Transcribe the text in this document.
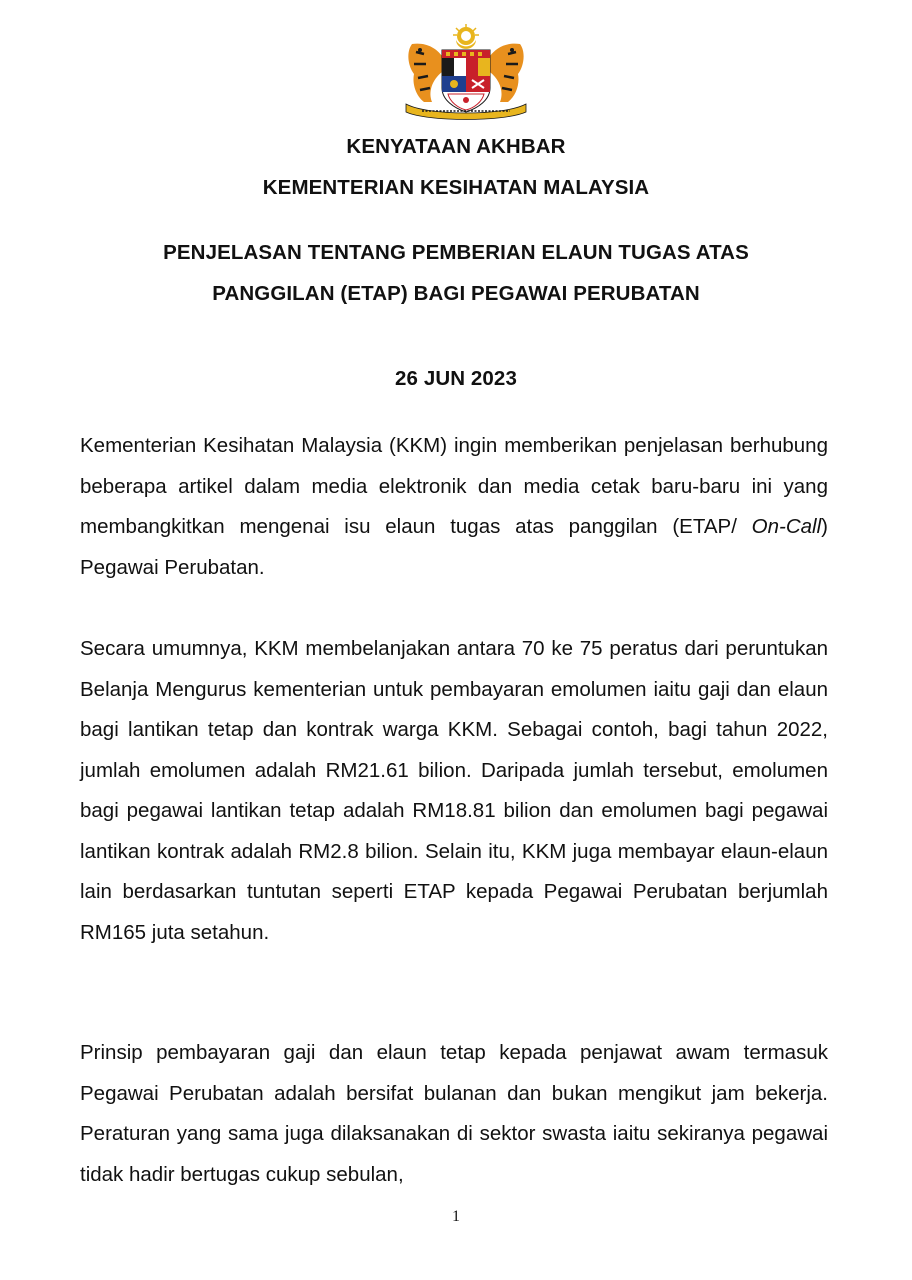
KENYATAAN AKHBAR
KEMENTERIAN KESIHATAN MALAYSIA
PENJELASAN TENTANG PEMBERIAN ELAUN TUGAS ATAS
PANGGILAN (ETAP) BAGI PEGAWAI PERUBATAN
26 JUN 2023

Kementerian Kesihatan Malaysia (KKM) ingin memberikan penjelasan berhubung beberapa artikel dalam media elektronik dan media cetak baru-baru ini yang membangkitkan mengenai isu elaun tugas atas panggilan (ETAP/ On-Call) Pegawai Perubatan.

Secara umumnya, KKM membelanjakan antara 70 ke 75 peratus dari peruntukan Belanja Mengurus kementerian untuk pembayaran emolumen iaitu gaji dan elaun bagi lantikan tetap dan kontrak warga KKM. Sebagai contoh, bagi tahun 2022, jumlah emolumen adalah RM21.61 bilion. Daripada jumlah tersebut, emolumen bagi pegawai lantikan tetap adalah RM18.81 bilion dan emolumen bagi pegawai lantikan kontrak adalah RM2.8 bilion. Selain itu, KKM juga membayar elaun-elaun lain berdasarkan tuntutan seperti ETAP kepada Pegawai Perubatan berjumlah RM165 juta setahun.

Prinsip pembayaran gaji dan elaun tetap kepada penjawat awam termasuk Pegawai Perubatan adalah bersifat bulanan dan bukan mengikut jam bekerja. Peraturan yang sama juga dilaksanakan di sektor swasta iaitu sekiranya pegawai tidak hadir bertugas cukup sebulan,

1
